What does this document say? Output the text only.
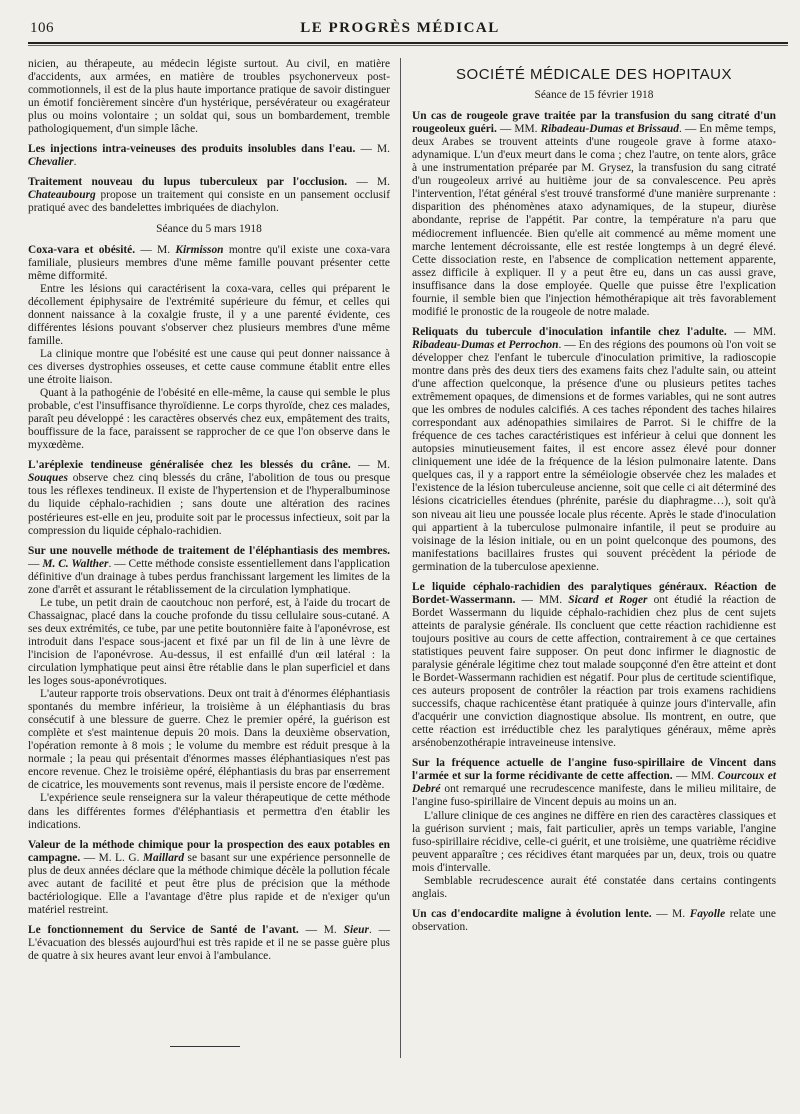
106	LE PROGRÈS MÉDICAL

nicien, au thérapeute, au médecin légiste surtout. Au civil, en matière d'accidents, aux armées, en matière de troubles psychonerveux post-commotionnels, il est de la plus haute importance pratique de savoir distinguer un émotif foncièrement sincère d'un hystérique, persévérateur ou exagérateur plus ou moins volontaire ; un soldat qui, sous un bombardement, tremble pathologiquement, d'un simple lâche.

Les injections intra-veineuses des produits insolubles dans l'eau. — M. Chevalier.

Traitement nouveau du lupus tuberculeux par l'occlusion. — M. Chateaubourg propose un traitement qui consiste en un pansement occlusif pratiqué avec des bandelettes imbriquées de diachylon.

Séance du 5 mars 1918

Coxa-vara et obésité. — M. Kirmisson montre qu'il existe une coxa-vara familiale, plusieurs membres d'une même famille pouvant présenter cette même difformité.

Entre les lésions qui caractérisent la coxa-vara, celles qui préparent le décollement épiphysaire de l'extrémité supérieure du fémur, et celles qui donnent naissance à la coxalgie fruste, il y a une parenté évidente, ces différentes lésions pouvant s'observer chez plusieurs membres d'une même famille.

La clinique montre que l'obésité est une cause qui peut donner naissance à ces diverses dystrophies osseuses, et cette cause commune établit entre elles une étroite liaison.

Quant à la pathogénie de l'obésité en elle-même, la cause qui semble le plus probable, c'est l'insuffisance thyroïdienne. Le corps thyroïde, chez ces malades, paraît peu développé : les caractères observés chez eux, empâtement des traits, bouffissure de la face, paraissent se rapprocher de ce que l'on observe dans le myxœdème.

L'aréplexie tendineuse généralisée chez les blessés du crâne. — M. Souques observe chez cinq blessés du crâne, l'abolition de tous ou presque tous les réflexes tendineux. Il existe de l'hypertension et de l'hyperalbuminose du liquide céphalo-rachidien ; sans doute une altération des racines postérieures est-elle en jeu, produite soit par le processus infectieux, soit par la compression du liquide céphalo-rachidien.

Sur une nouvelle méthode de traitement de l'éléphantiasis des membres. — M. C. Walther. — Cette méthode consiste essentiellement dans l'application définitive d'un drainage à tubes perdus franchissant largement les limites de la zone d'arrêt et assurant le rétablissement de la circulation lymphatique.

Le tube, un petit drain de caoutchouc non perforé, est, à l'aide du trocart de Chassaignac, placé dans la couche profonde du tissu cellulaire sous-cutané. A ses deux extrémités, ce tube, par une petite boutonnière faite à l'aponévrose, est introduit dans l'espace sous-jacent et fixé par un fil de lin à une lèvre de l'incision de l'aponévrose. Au-dessus, il est enfaillé d'un œil latéral : la circulation lymphatique peut ainsi être rétablie dans le plan superficiel et dans les loges sous-aponévrotiques.

L'auteur rapporte trois observations. Deux ont trait à d'énormes éléphantiasis spontanés du membre inférieur, la troisième à un éléphantiasis du bras consécutif à une blessure de guerre. Chez le premier opéré, la guérison est complète et s'est maintenue depuis 20 mois. Dans la deuxième observation, l'opération remonte à 8 mois ; le volume du membre est réduit presque à la normale ; la peau qui présentait d'énormes masses éléphantiasiques n'est pas encore revenue. Chez le troisième opéré, éléphantiasis du bras par enserrement de cicatrice, les mouvements sont revenus, mais il persiste encore de l'œdème.

L'expérience seule renseignera sur la valeur thérapeutique de cette méthode dans les différentes formes d'éléphantiasis et permettra d'en établir les indications.

Valeur de la méthode chimique pour la prospection des eaux potables en campagne. — M. L. G. Maillard se basant sur une expérience personnelle de plus de deux années déclare que la méthode chimique décèle la pollution fécale avec autant de facilité et peut être plus de précision que la méthode bactériologique. Elle a l'avantage d'être plus rapide et de n'exiger qu'un matériel restreint.

Le fonctionnement du Service de Santé de l'avant. — M. Sieur. — L'évacuation des blessés aujourd'hui est très rapide et il ne se passe guère plus de quatre à six heures avant leur envoi à l'ambulance.

SOCIÉTÉ MÉDICALE DES HOPITAUX
Séance de 15 février 1918

Un cas de rougeole grave traitée par la transfusion du sang citraté d'un rougeoleux guéri. — MM. Ribadeau-Dumas et Brissaud. — En même temps, deux Arabes se trouvent atteints d'une rougeole grave à forme ataxo-adynamique. L'un d'eux meurt dans le coma ; chez l'autre, on tente alors, grâce à une instrumentation préparée par M. Grysez, la transfusion du sang citraté d'un rougeoleux arrivé au huitième jour de sa convalescence. Peu après l'intervention, l'état général s'est trouvé transformé d'une manière surprenante : disparition des phénomènes ataxo adynamiques, de la stupeur, diurèse abondante, reprise de l'appétit. Par contre, la température n'a paru que médiocrement influencée. Bien qu'elle ait commencé au même moment une marche lentement décroissante, elle est restée longtemps à un degré élevé. Cette dissociation reste, en l'absence de complication nettement apparente, assez difficile à expliquer. Il y a peut être eu, dans un cas aussi grave, insuffisance dans la dose employée. Quelle que puisse être l'explication fournie, il semble bien que l'injection hémothérapique ait très favorablement modifié le pronostic de la rougeole de notre malade.

Reliquats du tubercule d'inoculation infantile chez l'adulte. — MM. Ribadeau-Dumas et Perrochon. — En des régions des poumons où l'on voit se développer chez l'enfant le tubercule d'inoculation primitive, la radioscopie montre dans près des deux tiers des examens faits chez l'adulte sain, ou atteint d'une affection quelconque, la présence d'une ou plusieurs petites taches extrêmement opaques, de dimensions et de formes variables, qui ne sont autres que les ombres de nodules calcifiés. A ces taches répondent des taches hilaires correspondant aux adénopathies similaires de Parrot. Si le chiffre de la fréquence de ces taches caractéristiques est inférieur à celui que donnent les autopsies minutieusement faites, il est encore assez élevé pour donner cliniquement une idée de la fréquence de la lésion pulmonaire latente. Dans quelques cas, il y a rapport entre la séméiologie observée chez les malades et l'existence de la lésion tuberculeuse ancienne, soit que celle ci ait déterminé des lésions cicatricielles étendues (phrénite, parésie du diaphragme…), soit qu'à son niveau ait lieu une poussée locale plus récente. Après le stade d'inoculation qui appartient à la tuberculose pulmonaire infantile, il peut se produire au voisinage de la lésion initiale, ou en un point quelconque des poumons, des manifestations bacillaires frustes qui souvent précèdent la période de germination de la tuberculose apexienne.

Le liquide céphalo-rachidien des paralytiques généraux. Réaction de Bordet-Wassermann. — MM. Sicard et Roger ont étudié la réaction de Bordet Wassermann du liquide céphalo-rachidien chez plus de cent sujets atteints de paralysie générale. Ils concluent que cette réaction rachidienne est toujours positive au cours de cette affection, contrairement à ce que certaines statistiques peuvent faire supposer. On peut donc infirmer le diagnostic de paralysie générale légitime chez tout malade soupçonné d'en être atteint et dont le Bordet-Wassermann rachidien est négatif. Pour plus de certitude scientifique, ces auteurs proposent de contrôler la réaction par trois examens rachidiens successifs, chaque rachicentèse étant pratiquée à quinze jours d'intervalle, afin d'acquérir une conviction diagnostique absolue. Ils montrent, en outre, que cette réaction est irréductible chez les paralytiques généraux, même après arsénobenzothérapie intraveineuse intensive.

Sur la fréquence actuelle de l'angine fuso-spirillaire de Vincent dans l'armée et sur la forme récidivante de cette affection. — MM. Courcoux et Debré ont remarqué une recrudescence manifeste, dans le milieu militaire, de l'angine fuso-spirillaire de Vincent depuis au moins un an.

L'allure clinique de ces angines ne diffère en rien des caractères classiques et la guérison survient ; mais, fait particulier, après un temps variable, l'angine fuso-spirillaire récidive, celle-ci guérit, et une troisième, une quatrième récidive peuvent apparaître ; ces récidives étant marquées par un, deux, trois ou quatre mois d'intervalle.

Semblable recrudescence aurait été constatée dans certains contingents anglais.

Un cas d'endocardite maligne à évolution lente. — M. Fayolle relate une observation.
